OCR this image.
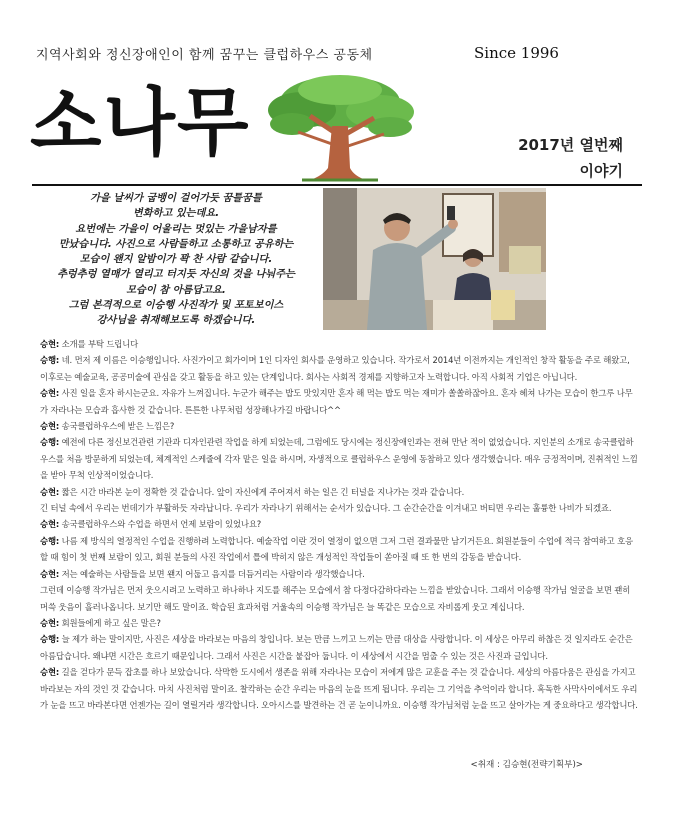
지역사회와 정신장애인이 함께 꿈꾸는 클럽하우스 공동체	Since 1996
소나무	2017년 열번째
이야기
가을 날씨가 굽뱅이 걸어가듯 꿈틀꿈틀
변화하고 있는데요.
요번에는 가을이 어울리는 멋있는 가을남자를
만났습니다. 사진으로 사람들하고 소통하고 공유하는
모습이 왠지 알밤이가 꽉 찬 사람 같습니다.
추렁추렁 열매가 열리고 터지듯 자신의 것을 나눠주는
모습이 참 아름답고요.
그럼 본격적으로 이승행 사진작가 및 포토보이스
강사님을 취재해보도록 하겠습니다.

승현: 소개를 부탁 드립니다

승행: 네. 먼저 제 이름은 이승행입니다. 사진가이고 회가이며 1인 디자인 회사를 운영하고 있습니다. 작가로서 2014년 이전까지는 개인적인 창작 활동을 주로 해왔고, 이후로는 예술교육, 공공미술에 관심을 갖고 활동을 하고 있는 단계입니다. 회사는 사회적 경제를 지향하고자 노력합니다. 아직 사회적 기업은 아닙니다.

승현: 사진 일을 혼자 하시는군요. 자유가 느껴집니다. 누군가 해주는 밥도 맛있지만 혼자 해 먹는 밥도 먹는 재미가 쏠쏠하잖아요. 혼자 헤쳐 나가는 모습이 한그루 나무가 자라나는 모습과 흡사한 것 같습니다. 튼튼한 나무처럼 성장해나가길 바랍니다^^

승현: 송국클럽하우스에 받은 느낌은?

승행: 예전에 다른 정신보건관련 기관과 디자인관련 작업을 하게 되었는데, 그럼에도 당시에는 정신장애인과는 전혀 만난 적이 없었습니다. 지인분의 소개로 송국클럽하우스를 처음 방문하게 되었는데, 체계적인 스케줄에 각자 맡은 일을 하시며, 자생적으로 클럽하우스 운영에 동참하고 있다 생각했습니다. 매우 긍정적이며, 진취적인 느낌을 받아 무척 인상적이었습니다.

승현: 짧은 시간 바라본 눈이 정확한 것 같습니다. 앞이 자신에게 주어져서 하는 일은 긴 터널을 지나가는 것과 같습니다.

긴 터널 속에서 우리는 번데기가 부활하듯 자라납니다. 우리가 자라나기 위해서는 순서가 있습니다. 그 순간순간을 이겨내고 버티면 우리는 훌륭한 나비가 되겠죠.

승현: 송국클럽하우스와 수업을 하면서 언제 보람이 있었나요?

승행: 나름 제 방식의 열정적인 수업을 진행하려 노력합니다. 예술작업 이란 것이 열정이 없으면 그저 그런 결과물만 남기거든요. 회원분들이 수업에 적극 참여하고 호응할 때 힘이 첫 번째 보람이 있고, 회원 분들의 사진 작업에서 틀에 박히지 않은 개성적인 작업들이 쏟아질 때 또 한 번의 감동을 받습니다.

승현: 저는 예술하는 사람들을 보면 왠지 어둡고 음지를 더듬거리는 사람이라 생각했습니다.

그런데 이승행 작가님은 먼저 웃으시려고 노력하고 하나하나 지도를 해주는 모습에서 참 다정다감하다라는 느낌을 받았습니다. 그래서 이승행 작가님 얼굴을 보면 괜히 머쓱 웃음이 흘러나옵니다. 보기만 해도 말이죠. 학습된 효과처럼 거울속의 이승행 작가님은 늘 똑같은 모습으로 자비롭게 웃고 계십니다.

승현: 회원들에게 하고 싶은 말은?

승행: 늘 제가 하는 말이지만, 사진은 세상을 바라보는 마음의 창입니다. 보는 만큼 느끼고 느끼는 만큼 대상을 사랑합니다. 이 세상은 아무리 하찮은 것 일지라도 순간은 아름답습니다. 왜냐면 시간은 흐르기 때문입니다. 그래서 사진은 시간을 붙잡아 둡니다. 이 세상에서 시간을 멈출 수 있는 것은 사진과 글입니다.

승현: 길을 걷다가 문득 잡초를 하나 보았습니다. 삭막한 도시에서 생존을 위해 자라나는 모습이 저에게 많은 교훈을 주는 것 같습니다. 세상의 아름다움은 관심을 가지고 바라보는 자의 것인 것 같습니다. 마치 사진처럼 말이죠. 찰칵하는 순간 우리는 마음의 눈을 뜨게 됩니다. 우리는 그 기억을 추억이라 합니다. 혹독한 사막사이에서도 우리가 눈을 뜨고 바라본다면 언젠가는 길이 열릴거라 생각합니다. 오아시스를 발견하는 건 곧 눈이니까요. 이승행 작가님처럼 눈을 뜨고 살아가는 게 중요하다고 생각합니다.

<취재 : 김승현(전략기획부)>
